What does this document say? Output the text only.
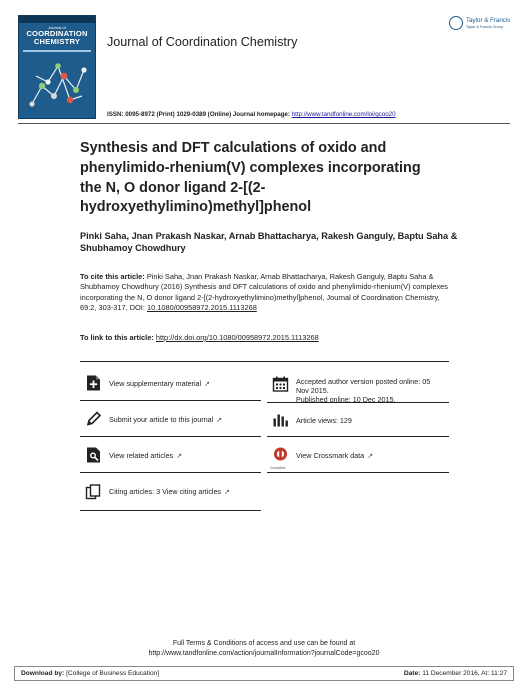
Journal of
COORDINATION
CHEMISTRY
Taylor & Francis
Taylor & Francis Group
Journal of Coordination Chemistry
ISSN: 0095-8972 (Print) 1029-0389 (Online) Journal homepage: http://www.tandfonline.com/loi/gcoo20
Synthesis and DFT calculations of oxido and phenylimido-rhenium(V) complexes incorporating the N, O donor ligand 2-[(2-hydroxyethylimino)methyl]phenol
Pinki Saha, Jnan Prakash Naskar, Arnab Bhattacharya, Rakesh Ganguly, Baptu Saha & Shubhamoy Chowdhury
To cite this article: Pinki Saha, Jnan Prakash Naskar, Arnab Bhattacharya, Rakesh Ganguly, Baptu Saha & Shubhamoy Chowdhury (2016) Synthesis and DFT calculations of oxido and phenylimido-rhenium(V) complexes incorporating the N, O donor ligand 2-[(2-hydroxyethylimino)methyl]phenol, Journal of Coordination Chemistry, 69:2, 303-317, DOI: 10.1080/00958972.2015.1113268
To link to this article: http://dx.doi.org/10.1080/00958972.2015.1113268
View supplementary material ↗
Submit your article to this journal ↗
View related articles ↗
Citing articles: 3 View citing articles ↗
Accepted author version posted online: 05
Nov 2015.
Published online: 10 Dec 2015.
Article views: 129
CrossMark
View Crossmark data ↗
Full Terms & Conditions of access and use can be found at
http://www.tandfonline.com/action/journalInformation?journalCode=gcoo20
Download by: [College of Business Education]	Date: 11 December 2016, At: 11:27
